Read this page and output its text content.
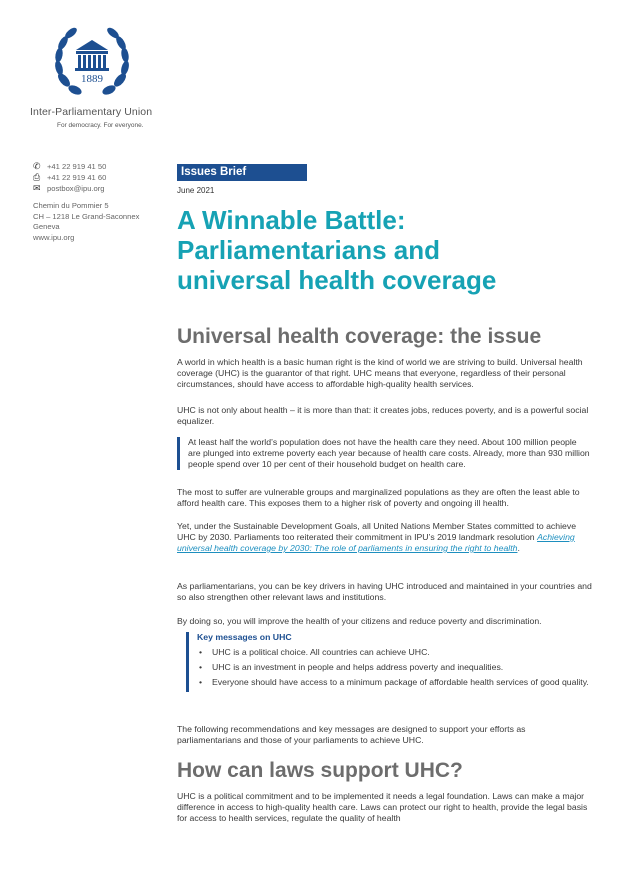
1889
Inter-Parliamentary Union
For democracy. For everyone.
✆ +41 22 919 41 50
⎙ +41 22 919 41 60
✉ postbox@ipu.org
Chemin du Pommier 5
CH – 1218 Le Grand-Saconnex
Geneva
www.ipu.org
Issues Brief
June 2021
A Winnable Battle:
Parliamentarians and
universal health coverage
Universal health coverage: the issue

A world in which health is a basic human right is the kind of world we are striving to build. Universal health coverage (UHC) is the guarantor of that right. UHC means that everyone, regardless of their personal circumstances, should have access to affordable high-quality health services.

UHC is not only about health – it is more than that: it creates jobs, reduces poverty, and is a powerful social equalizer.

At least half the world’s population does not have the health care they need. About 100 million people are plunged into extreme poverty each year because of health care costs. Already, more than 930 million people spend over 10 per cent of their household budget on health care.

The most to suffer are vulnerable groups and marginalized populations as they are often the least able to afford health care. This exposes them to a higher risk of poverty and ongoing ill health.

Yet, under the Sustainable Development Goals, all United Nations Member States committed to achieve UHC by 2030. Parliaments too reiterated their commitment in IPU’s 2019 landmark resolution Achieving universal health coverage by 2030: The role of parliaments in ensuring the right to health.

As parliamentarians, you can be key drivers in having UHC introduced and maintained in your countries and so also strengthen other relevant laws and institutions.

By doing so, you will improve the health of your citizens and reduce poverty and discrimination.

Key messages on UHC
• UHC is a political choice. All countries can achieve UHC.
• UHC is an investment in people and helps address poverty and inequalities.
• Everyone should have access to a minimum package of affordable health services of good quality.

The following recommendations and key messages are designed to support your efforts as parliamentarians and those of your parliaments to achieve UHC.

How can laws support UHC?

UHC is a political commitment and to be implemented it needs a legal foundation. Laws can make a major difference in access to high-quality health care. Laws can protect our right to health, provide the legal basis for access to health services, regulate the quality of health
